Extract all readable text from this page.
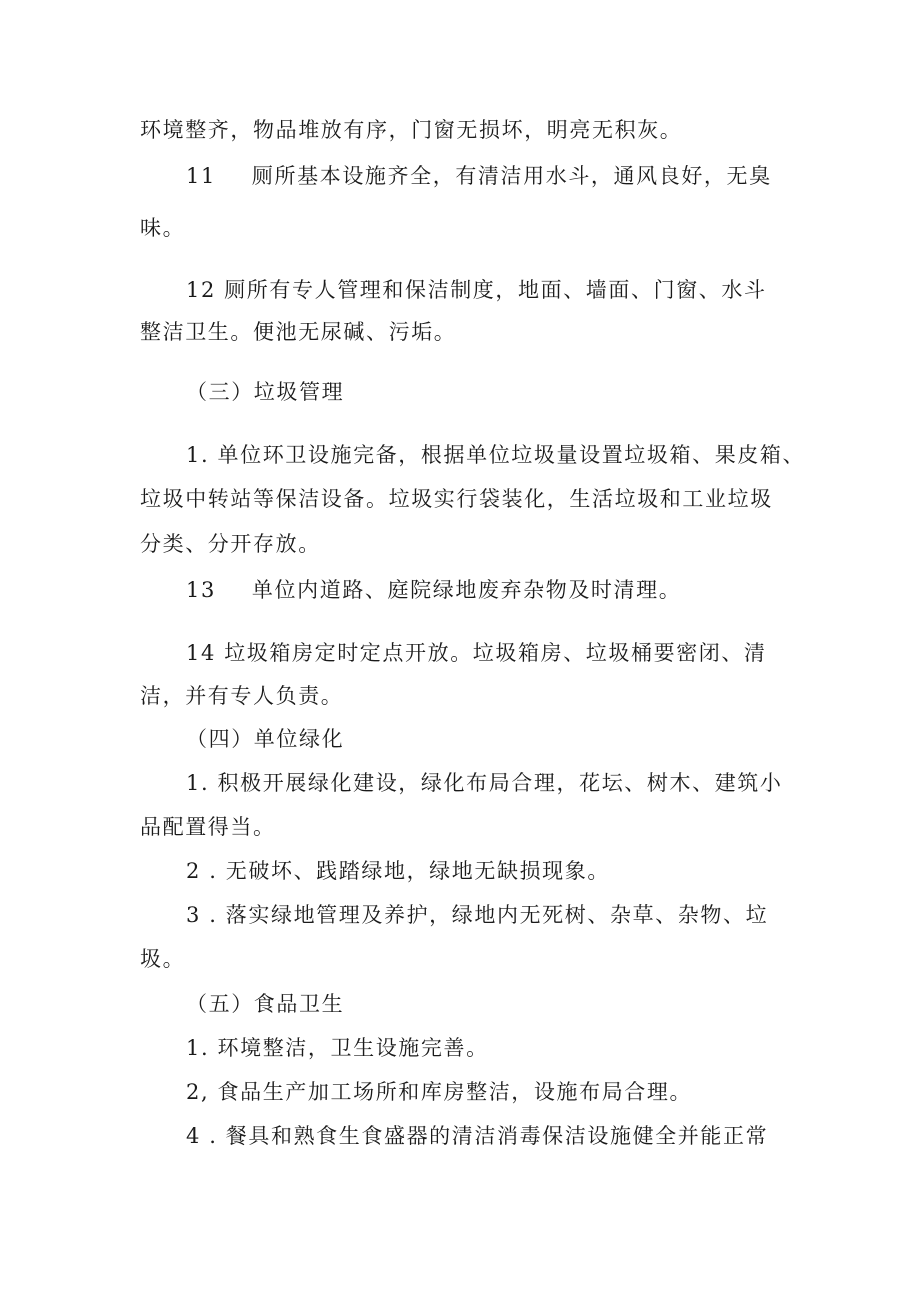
环境整齐，物品堆放有序，门窗无损坏，明亮无积灰。
11 厕所基本设施齐全，有清洁用水斗，通风良好，无臭
味。
12 厕所有专人管理和保洁制度，地面、墙面、门窗、水斗
整洁卫生。便池无尿碱、污垢。
（三）垃圾管理
1. 单位环卫设施完备，根据单位垃圾量设置垃圾箱、果皮箱、
垃圾中转站等保洁设备。垃圾实行袋装化，生活垃圾和工业垃圾
分类、分开存放。
13 单位内道路、庭院绿地废弃杂物及时清理。
14 垃圾箱房定时定点开放。垃圾箱房、垃圾桶要密闭、清
洁，并有专人负责。
（四）单位绿化
1. 积极开展绿化建设，绿化布局合理，花坛、树木、建筑小
品配置得当。
2 . 无破坏、践踏绿地，绿地无缺损现象。
3 . 落实绿地管理及养护，绿地内无死树、杂草、杂物、垃
圾。
（五）食品卫生
1. 环境整洁，卫生设施完善。
2, 食品生产加工场所和库房整洁，设施布局合理。
4 . 餐具和熟食生食盛器的清洁消毒保洁设施健全并能正常
